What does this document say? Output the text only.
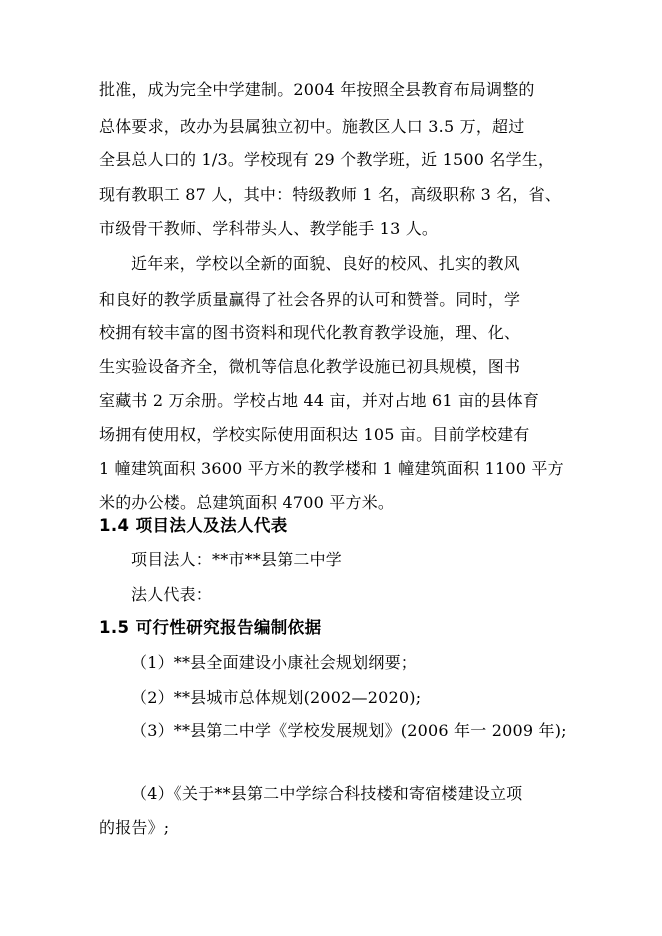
批准，成为完全中学建制。2004 年按照全县教育布局调整的
总体要求，改办为县属独立初中。施教区人口 3.5 万，超过
全县总人口的 1/3。学校现有 29 个教学班，近 1500 名学生，
现有教职工 87 人，其中：特级教师 1 名，高级职称 3 名，省、
市级骨干教师、学科带头人、教学能手 13 人。
近年来，学校以全新的面貌、良好的校风、扎实的教风
和良好的教学质量赢得了社会各界的认可和赞誉。同时，学
校拥有较丰富的图书资料和现代化教育教学设施，理、化、
生实验设备齐全，微机等信息化教学设施已初具规模，图书
室藏书 2 万余册。学校占地 44 亩，并对占地 61 亩的县体育
场拥有使用权，学校实际使用面积达 105 亩。目前学校建有
1 幢建筑面积 3600 平方米的教学楼和 1 幢建筑面积 1100 平方
米的办公楼。总建筑面积 4700 平方米。
1.4 项目法人及法人代表
项目法人：**市**县第二中学
法人代表：
1.5 可行性研究报告编制依据
（1）**县全面建设小康社会规划纲要；
（2）**县城市总体规划(2002—2020);
（3）**县第二中学《学校发展规划》(2006 年一 2009 年);
（4）《关于**县第二中学综合科技楼和寄宿楼建设立项
的报告》;
